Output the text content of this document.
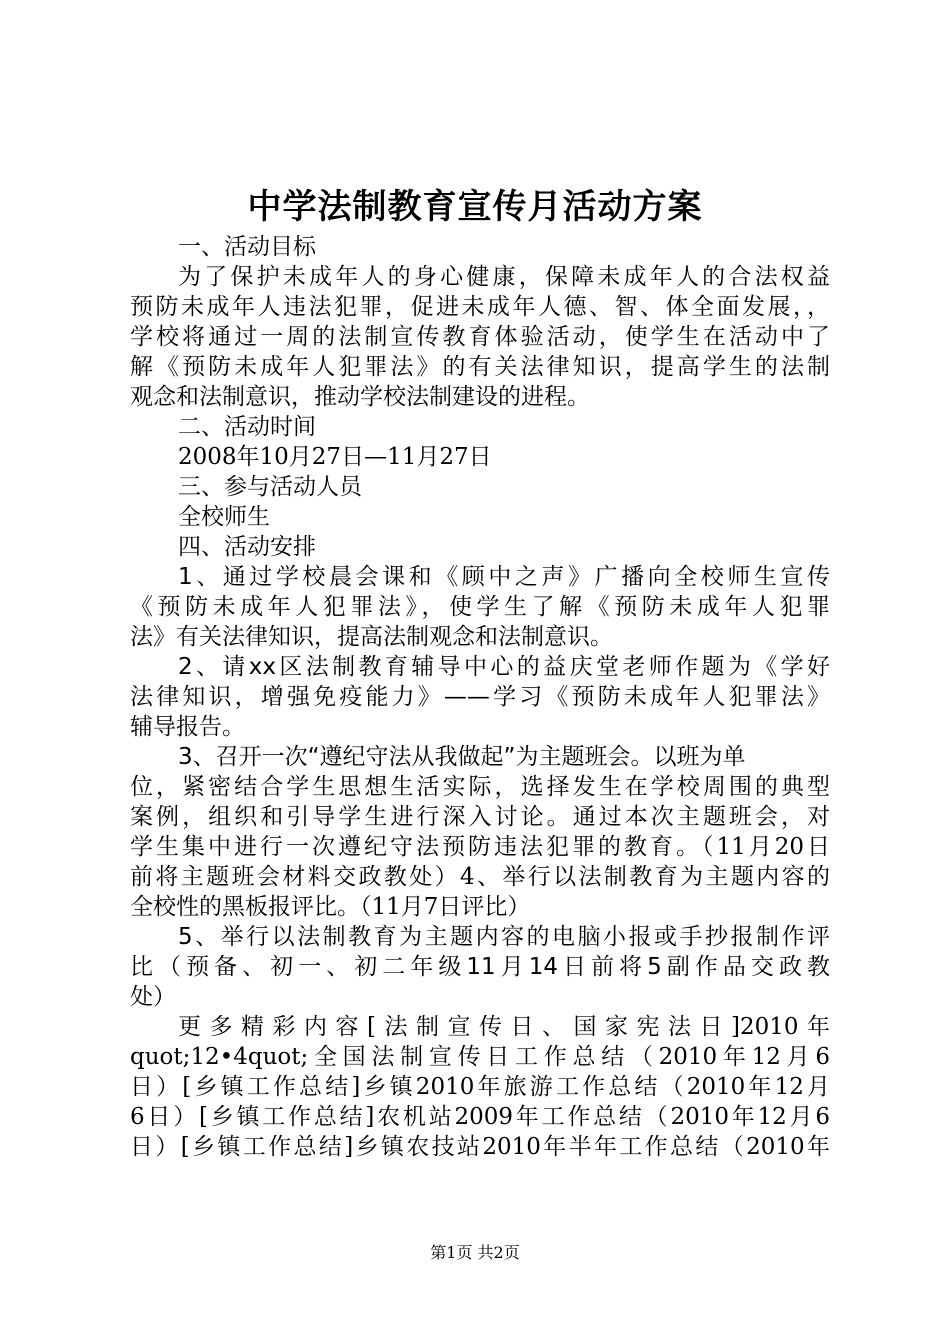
中学法制教育宣传月活动方案
一、活动目标
为了保护未成年人的身心健康，保障未成年人的合法权益
预防未成年人违法犯罪，促进未成年人德、智、体全面发展，，
学校将通过一周的法制宣传教育体验活动，使学生在活动中了
解《预防未成年人犯罪法》的有关法律知识，提高学生的法制
观念和法制意识，推动学校法制建设的进程。
二、活动时间
2008年10月27日—11月27日
三、参与活动人员
全校师生
四、活动安排
1、通过学校晨会课和《顾中之声》广播向全校师生宣传
《预防未成年人犯罪法》，使学生了解《预防未成年人犯罪
法》有关法律知识，提高法制观念和法制意识。
2、请xx区法制教育辅导中心的益庆堂老师作题为《学好
法律知识，增强免疫能力》——学习《预防未成年人犯罪法》
辅导报告。
3、召开一次“遵纪守法从我做起”为主题班会。以班为单
位，紧密结合学生思想生活实际，选择发生在学校周围的典型
案例，组织和引导学生进行深入讨论。通过本次主题班会，对
学生集中进行一次遵纪守法预防违法犯罪的教育。（11月20日
前将主题班会材料交政教处）4、举行以法制教育为主题内容的
全校性的黑板报评比。（11月7日评比）
5、举行以法制教育为主题内容的电脑小报或手抄报制作评
比（预备、初一、初二年级11月14日前将5副作品交政教
处）
更多精彩内容[法制宣传日、国家宪法日]2010年
quot;12•4quot;全国法制宣传日工作总结（2010年12月6
日）[乡镇工作总结]乡镇2010年旅游工作总结（2010年12月
6日）[乡镇工作总结]农机站2009年工作总结（2010年12月6
日）[乡镇工作总结]乡镇农技站2010年半年工作总结（2010年
第1页 共2页
